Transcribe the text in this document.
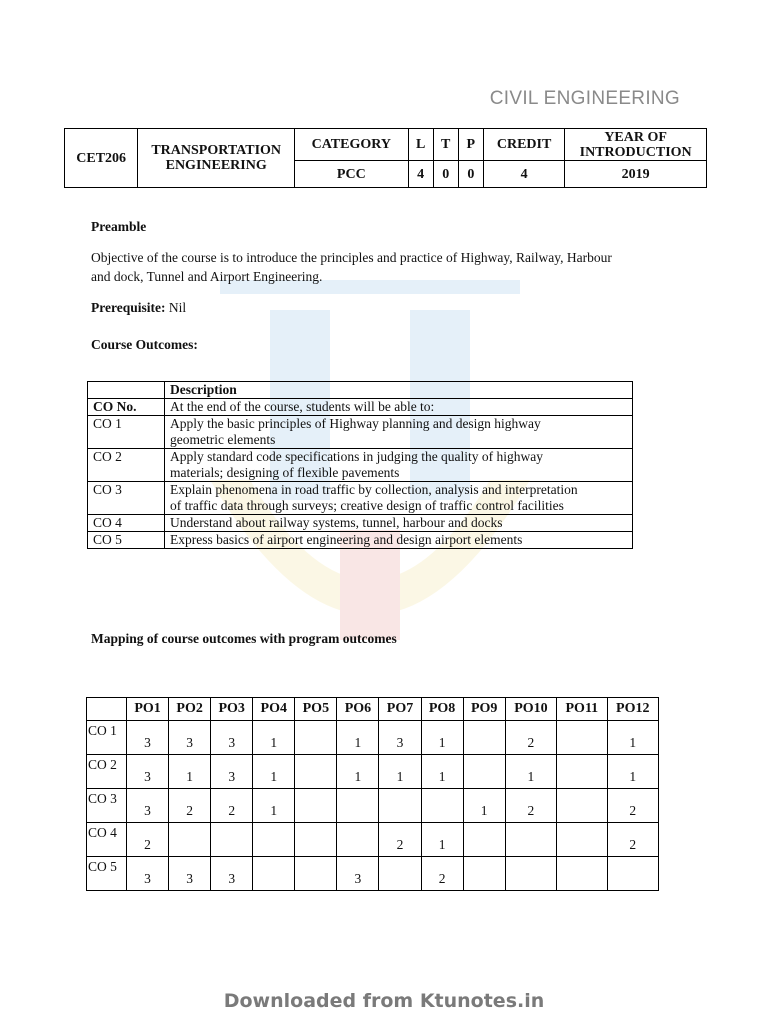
CIVIL ENGINEERING
CET206	TRANSPORTATION ENGINEERING	CATEGORY	L	T	P	CREDIT	YEAR OF INTRODUCTION
		PCC	4	0	0	4	2019
Preamble
Objective of the course is to introduce the principles and practice of Highway, Railway, Harbour
and dock, Tunnel and Airport Engineering.
Prerequisite: Nil
Course Outcomes:
	Description
CO No.	At the end of the course, students will be able to:
CO 1	Apply the basic principles of Highway planning and design highway
geometric elements

CO 2	Apply standard code specifications in judging the quality of highway
materials; designing of flexible pavements

CO 3	Explain phenomena in road traffic by collection, analysis and interpretation
of traffic data through surveys; creative design of traffic control facilities

CO 4	Understand about railway systems, tunnel, harbour and docks
CO 5	Express basics of airport engineering and design airport elements
Mapping of course outcomes with program outcomes
	PO1	PO2	PO3	PO4	PO5	PO6	PO7	PO8	PO9	PO10	PO11	PO12
CO 1	3	3	3	1		1	3	1		2		1
CO 2	3	1	3	1		1	1	1		1		1
CO 3	3	2	2	1					1	2		2
CO 4	2						2	1				2
CO 5	3	3	3			3		2				
Downloaded from Ktunotes.in
